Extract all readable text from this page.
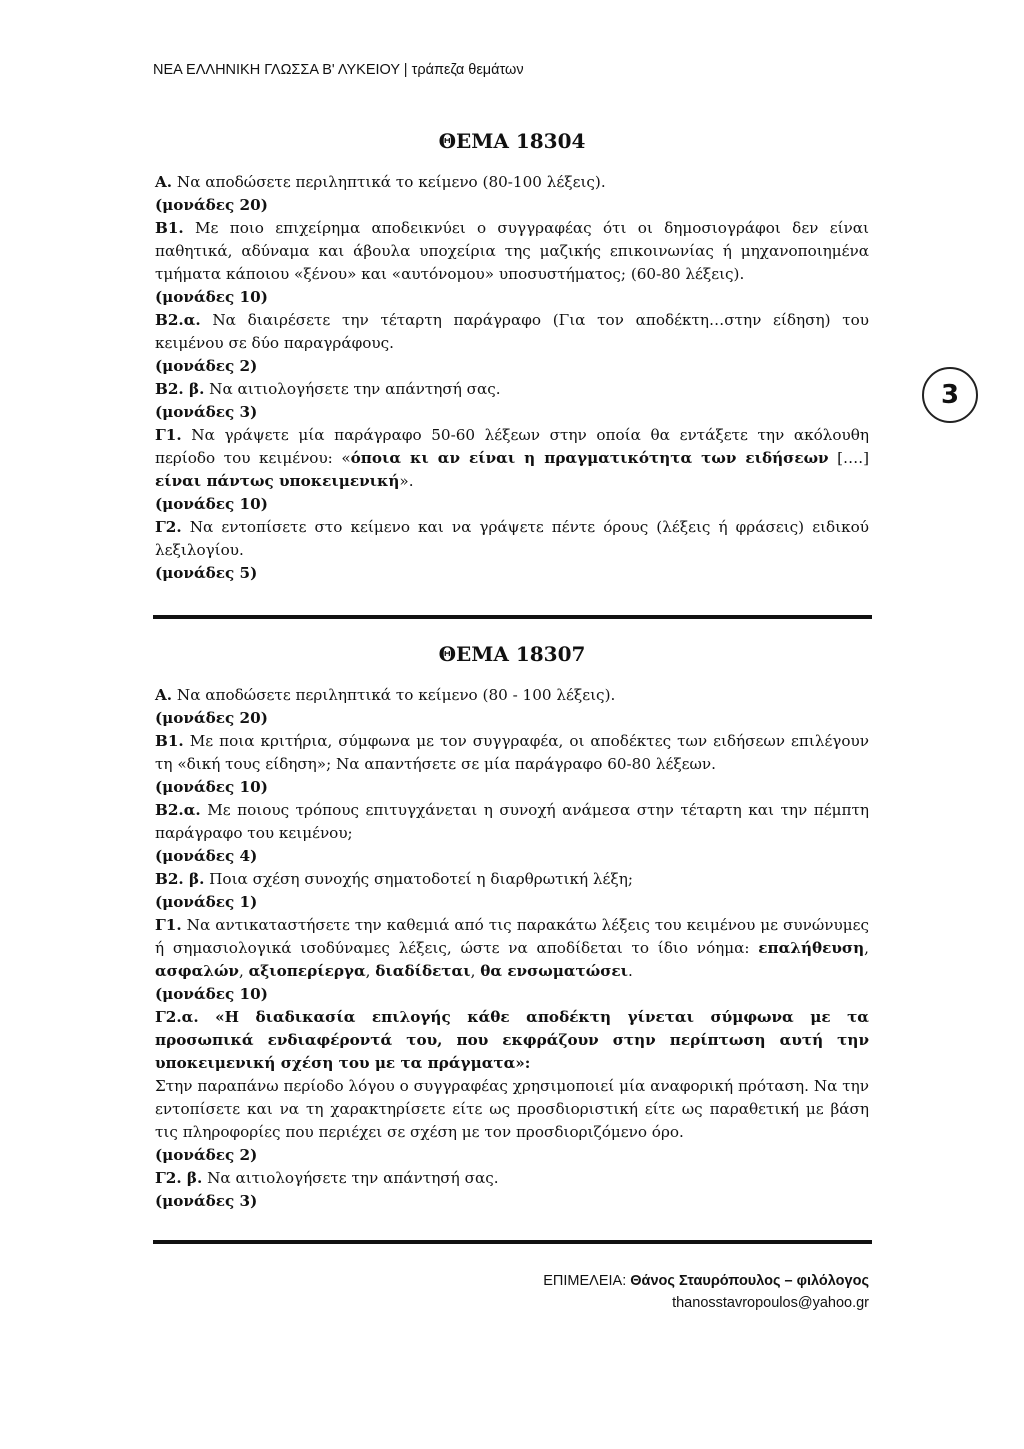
ΝΕΑ ΕΛΛΗΝΙΚΗ ΓΛΩΣΣΑ Β' ΛΥΚΕΙΟΥ | τράπεζα θεμάτων
3
ΘΕΜΑ 18304

Α. Να αποδώσετε περιληπτικά το κείμενο (80-100 λέξεις).

(μονάδες 20)

Β1. Με ποιο επιχείρημα αποδεικνύει ο συγγραφέας ότι οι δημοσιογράφοι δεν είναι παθητικά, αδύναμα και άβουλα υποχείρια της μαζικής επικοινωνίας ή μηχανοποιημένα τμήματα κάποιου «ξένου» και «αυτόνομου» υποσυστήματος; (60-80 λέξεις).

(μονάδες 10)

Β2.α. Να διαιρέσετε την τέταρτη παράγραφο (Για τον αποδέκτη…στην είδηση) του κειμένου σε δύο παραγράφους.

(μονάδες 2)

Β2. β. Να αιτιολογήσετε την απάντησή σας.

(μονάδες 3)

Γ1. Να γράψετε μία παράγραφο 50-60 λέξεων στην οποία θα εντάξετε την ακόλουθη περίοδο του κειμένου: «όποια κι αν είναι η πραγματικότητα των ειδήσεων [….] είναι πάντως υποκειμενική».

(μονάδες 10)

Γ2. Να εντοπίσετε στο κείμενο και να γράψετε πέντε όρους (λέξεις ή φράσεις) ειδικού λεξιλογίου.

(μονάδες 5)

ΘΕΜΑ 18307

Α. Να αποδώσετε περιληπτικά το κείμενο (80 - 100 λέξεις).

(μονάδες 20)

Β1. Με ποια κριτήρια, σύμφωνα με τον συγγραφέα, οι αποδέκτες των ειδήσεων επιλέγουν τη «δική τους είδηση»; Να απαντήσετε σε μία παράγραφο 60-80 λέξεων.

(μονάδες 10)

Β2.α. Με ποιους τρόπους επιτυγχάνεται η συνοχή ανάμεσα στην τέταρτη και την πέμπτη παράγραφο του κειμένου;

(μονάδες 4)

Β2. β. Ποια σχέση συνοχής σηματοδοτεί η διαρθρωτική λέξη;

(μονάδες 1)

Γ1. Να αντικαταστήσετε την καθεμιά από τις παρακάτω λέξεις του κειμένου με συνώνυμες ή σημασιολογικά ισοδύναμες λέξεις, ώστε να αποδίδεται το ίδιο νόημα: επαλήθευση, ασφαλών, αξιοπερίεργα, διαδίδεται, θα ενσωματώσει.

(μονάδες 10)

Γ2.α. «Η διαδικασία επιλογής κάθε αποδέκτη γίνεται σύμφωνα με τα προσωπικά ενδιαφέροντά του, που εκφράζουν στην περίπτωση αυτή την υποκειμενική σχέση του με τα πράγματα»:

Στην παραπάνω περίοδο λόγου ο συγγραφέας χρησιμοποιεί μία αναφορική πρόταση. Να την εντοπίσετε και να τη χαρακτηρίσετε είτε ως προσδιοριστική είτε ως παραθετική με βάση τις πληροφορίες που περιέχει σε σχέση με τον προσδιοριζόμενο όρο.

(μονάδες 2)

Γ2. β. Να αιτιολογήσετε την απάντησή σας.

(μονάδες 3)

ΕΠΙΜΕΛΕΙΑ: Θάνος Σταυρόπουλος – φιλόλογος
thanosstavropoulos@yahoo.gr
